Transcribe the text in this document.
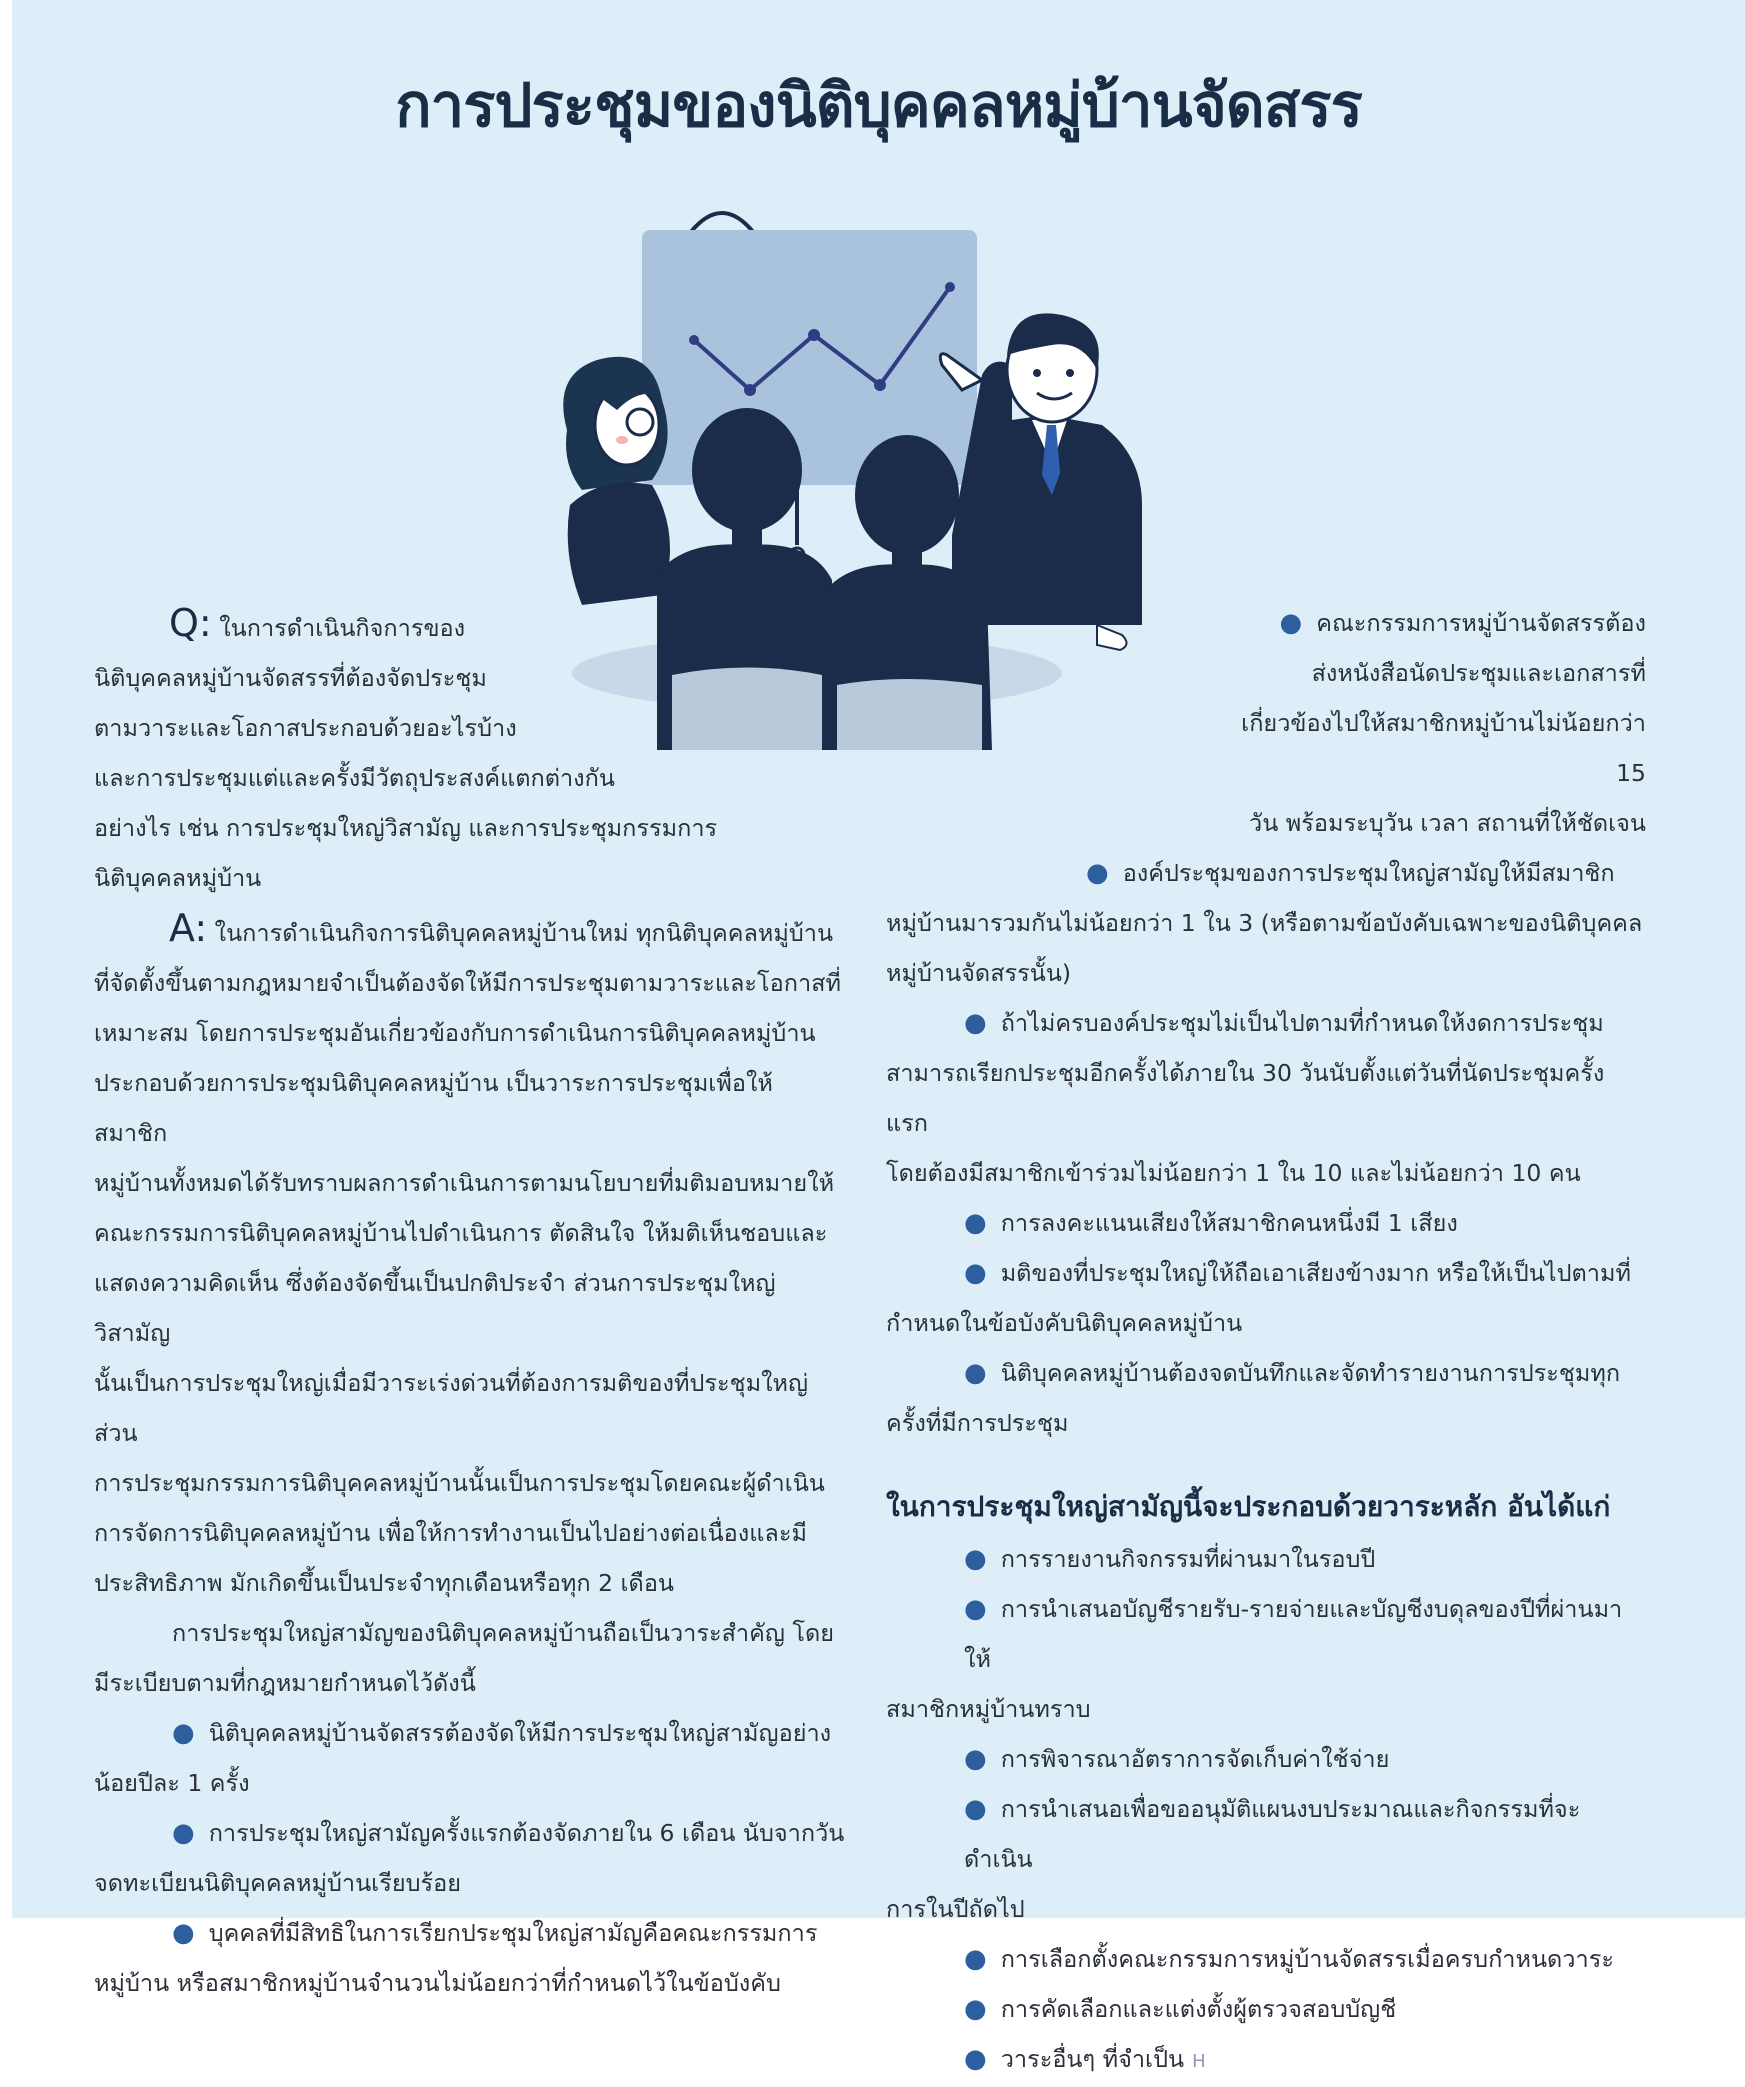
การประชุมของนิติบุคคลหมู่บ้านจัดสรร

Q: ในการดำเนินกิจการของ

นิติบุคคลหมู่บ้านจัดสรรที่ต้องจัดประชุม

ตามวาระและโอกาสประกอบด้วยอะไรบ้าง

และการประชุมแต่และครั้งมีวัตถุประสงค์แตกต่างกัน

อย่างไร เช่น การประชุมใหญ่วิสามัญ และการประชุมกรรมการ

นิติบุคคลหมู่บ้าน

A: ในการดำเนินกิจการนิติบุคคลหมู่บ้านใหม่ ทุกนิติบุคคลหมู่บ้าน

ที่จัดตั้งขึ้นตามกฎหมายจำเป็นต้องจัดให้มีการประชุมตามวาระและโอกาสที่

เหมาะสม โดยการประชุมอันเกี่ยวข้องกับการดำเนินการนิติบุคคลหมู่บ้าน

ประกอบด้วยการประชุมนิติบุคคลหมู่บ้าน เป็นวาระการประชุมเพื่อให้สมาชิก

หมู่บ้านทั้งหมดได้รับทราบผลการดำเนินการตามนโยบายที่มติมอบหมายให้

คณะกรรมการนิติบุคคลหมู่บ้านไปดำเนินการ ตัดสินใจ ให้มติเห็นชอบและ

แสดงความคิดเห็น ซึ่งต้องจัดขึ้นเป็นปกติประจำ ส่วนการประชุมใหญ่วิสามัญ

นั้นเป็นการประชุมใหญ่เมื่อมีวาระเร่งด่วนที่ต้องการมติของที่ประชุมใหญ่ ส่วน

การประชุมกรรมการนิติบุคคลหมู่บ้านนั้นเป็นการประชุมโดยคณะผู้ดำเนิน

การจัดการนิติบุคคลหมู่บ้าน เพื่อให้การทำงานเป็นไปอย่างต่อเนื่องและมี

ประสิทธิภาพ มักเกิดขึ้นเป็นประจำทุกเดือนหรือทุก 2 เดือน

การประชุมใหญ่สามัญของนิติบุคคลหมู่บ้านถือเป็นวาระสำคัญ โดย

มีระเบียบตามที่กฎหมายกำหนดไว้ดังนี้

● นิติบุคคลหมู่บ้านจัดสรรต้องจัดให้มีการประชุมใหญ่สามัญอย่าง

น้อยปีละ 1 ครั้ง

● การประชุมใหญ่สามัญครั้งแรกต้องจัดภายใน 6 เดือน นับจากวัน

จดทะเบียนนิติบุคคลหมู่บ้านเรียบร้อย

● บุคคลที่มีสิทธิในการเรียกประชุมใหญ่สามัญคือคณะกรรมการ

หมู่บ้าน หรือสมาชิกหมู่บ้านจำนวนไม่น้อยกว่าที่กำหนดไว้ในข้อบังคับ

● คณะกรรมการหมู่บ้านจัดสรรต้อง

ส่งหนังสือนัดประชุมและเอกสารที่

เกี่ยวข้องไปให้สมาชิกหมู่บ้านไม่น้อยกว่า 15

วัน พร้อมระบุวัน เวลา สถานที่ให้ชัดเจน

● องค์ประชุมของการประชุมใหญ่สามัญให้มีสมาชิก

หมู่บ้านมารวมกันไม่น้อยกว่า 1 ใน 3 (หรือตามข้อบังคับเฉพาะของนิติบุคคล

หมู่บ้านจัดสรรนั้น)

● ถ้าไม่ครบองค์ประชุมไม่เป็นไปตามที่กำหนดให้งดการประชุม

สามารถเรียกประชุมอีกครั้งได้ภายใน 30 วันนับตั้งแต่วันที่นัดประชุมครั้งแรก

โดยต้องมีสมาชิกเข้าร่วมไม่น้อยกว่า 1 ใน 10 และไม่น้อยกว่า 10 คน

● การลงคะแนนเสียงให้สมาชิกคนหนึ่งมี 1 เสียง

● มติของที่ประชุมใหญ่ให้ถือเอาเสียงข้างมาก หรือให้เป็นไปตามที่

กำหนดในข้อบังคับนิติบุคคลหมู่บ้าน

● นิติบุคคลหมู่บ้านต้องจดบันทึกและจัดทำรายงานการประชุมทุก

ครั้งที่มีการประชุม

ในการประชุมใหญ่สามัญนี้จะประกอบด้วยวาระหลัก อันได้แก่

● การรายงานกิจกรรมที่ผ่านมาในรอบปี

● การนำเสนอบัญชีรายรับ-รายจ่ายและบัญชีงบดุลของปีที่ผ่านมาให้

สมาชิกหมู่บ้านทราบ

● การพิจารณาอัตราการจัดเก็บค่าใช้จ่าย

● การนำเสนอเพื่อขออนุมัติแผนงบประมาณและกิจกรรมที่จะดำเนิน

การในปีถัดไป

● การเลือกตั้งคณะกรรมการหมู่บ้านจัดสรรเมื่อครบกำหนดวาระ

● การคัดเลือกและแต่งตั้งผู้ตรวจสอบบัญชี

● วาระอื่นๆ ที่จำเป็น H
